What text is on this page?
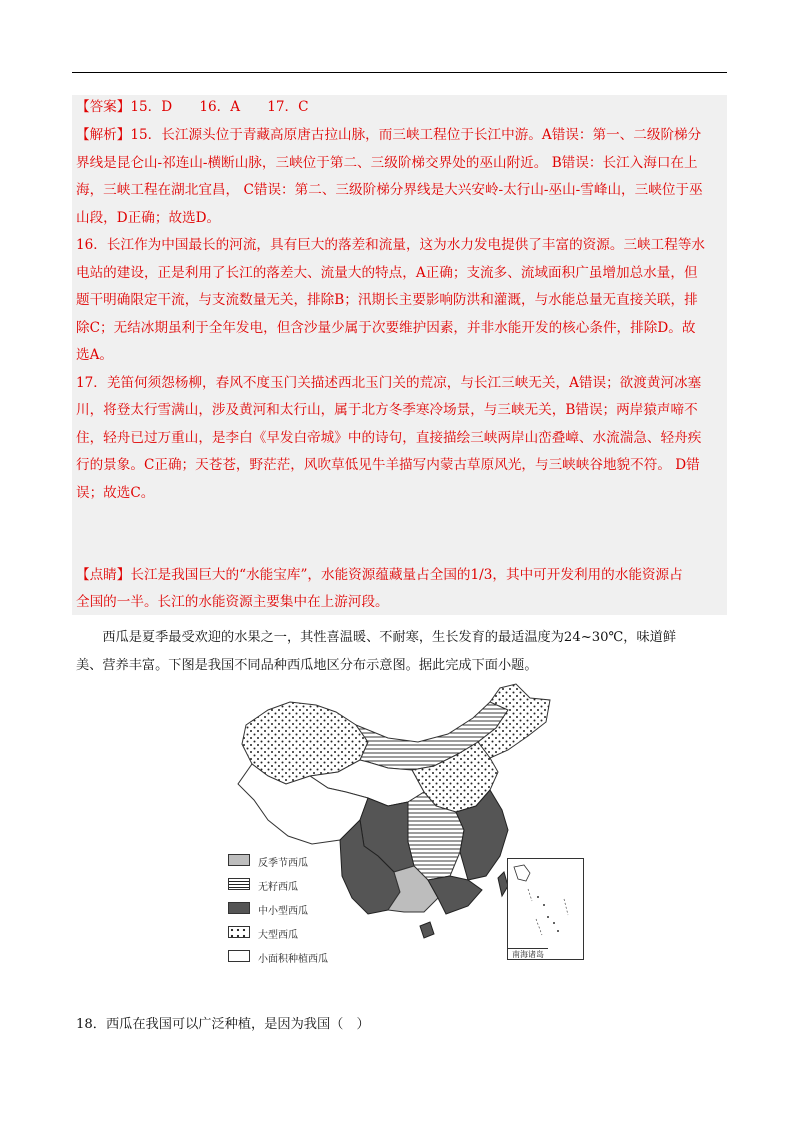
【答案】15．D　　16．A　　17．C
【解析】15．长江源头位于青藏高原唐古拉山脉，而三峡工程位于长江中游。A错误：第一、二级阶梯分
界线是昆仑山-祁连山-横断山脉，三峡位于第二、三级阶梯交界处的巫山附近。 B错误：长江入海口在上
海，三峡工程在湖北宜昌， C错误：第二、三级阶梯分界线是大兴安岭-太行山-巫山-雪峰山，三峡位于巫
山段，D正确；故选D。
16．长江作为中国最长的河流，具有巨大的落差和流量，这为水力发电提供了丰富的资源。三峡工程等水
电站的建设，正是利用了长江的落差大、流量大的特点，A正确；支流多、流域面积广虽增加总水量，但
题干明确限定干流，与支流数量无关，排除B；汛期长主要影响防洪和灌溉，与水能总量无直接关联，排
除C；无结冰期虽利于全年发电，但含沙量少属于次要维护因素，并非水能开发的核心条件，排除D。故
选A。
17．羌笛何须怨杨柳，春风不度玉门关描述西北玉门关的荒凉，与长江三峡无关，A错误；欲渡黄河冰塞
川，将登太行雪满山，涉及黄河和太行山，属于北方冬季寒冷场景，与三峡无关，B错误；两岸猿声啼不
住，轻舟已过万重山，是李白《早发白帝城》中的诗句，直接描绘三峡两岸山峦叠嶂、水流湍急、轻舟疾
行的景象。C正确；天苍苍，野茫茫，风吹草低见牛羊描写内蒙古草原风光，与三峡峡谷地貌不符。 D错
误；故选C。
【点睛】长江是我国巨大的“水能宝库”，水能资源蕴藏量占全国的1/3，其中可开发利用的水能资源占
全国的一半。长江的水能资源主要集中在上游河段。
　　西瓜是夏季最受欢迎的水果之一，其性喜温暖、不耐寒，生长发育的最适温度为24~30℃，味道鲜
美、营养丰富。下图是我国不同品种西瓜地区分布示意图。据此完成下面小题。
反季节西瓜
无籽西瓜
中小型西瓜
大型西瓜
小面积种植西瓜	南海诸岛
18．西瓜在我国可以广泛种植，是因为我国（　）
